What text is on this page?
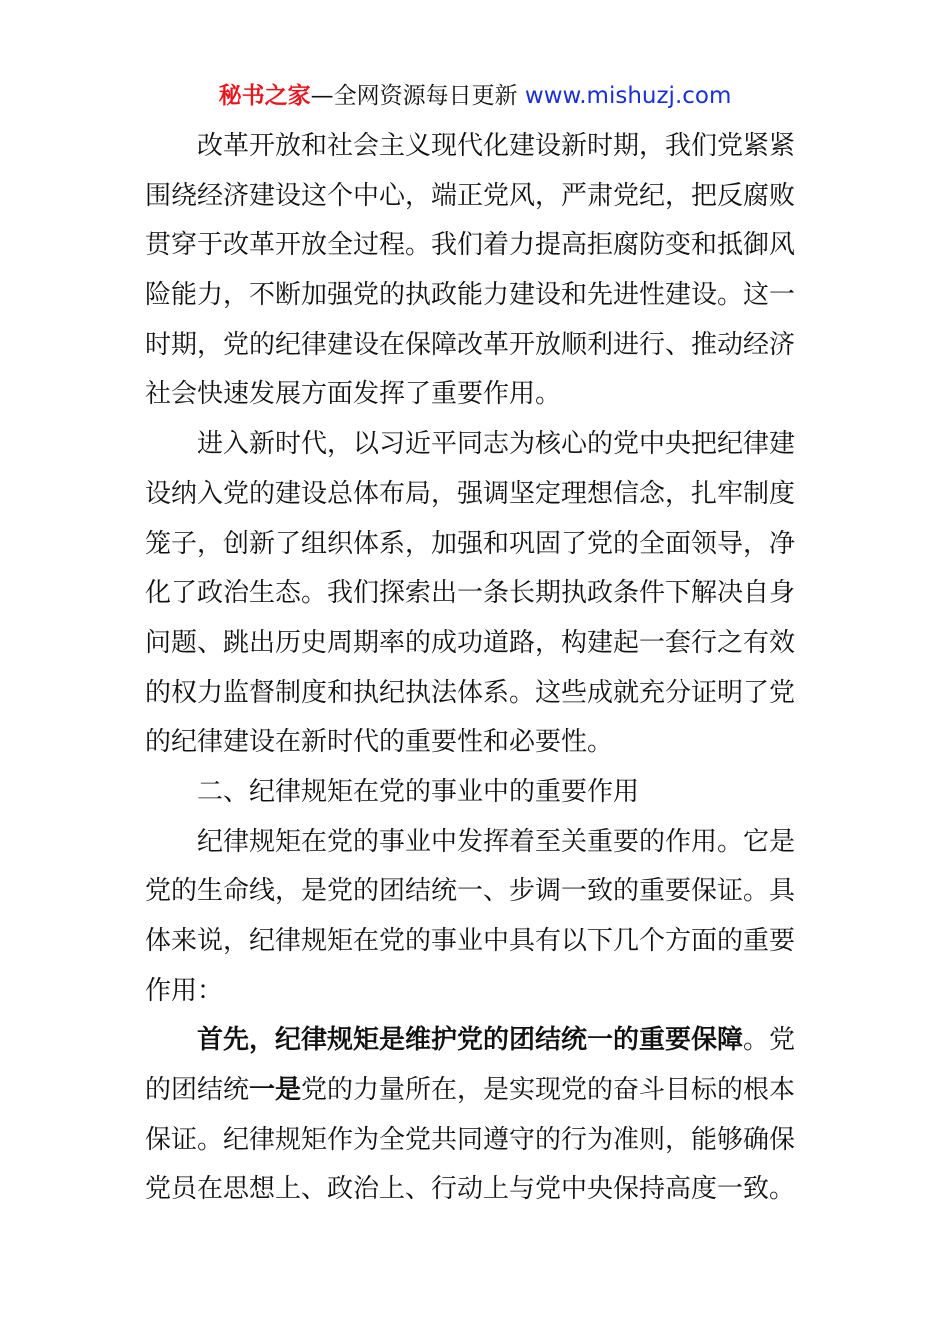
秘书之家—全网资源每日更新 www.mishuzj.com
改革开放和社会主义现代化建设新时期，我们党紧紧
围绕经济建设这个中心，端正党风，严肃党纪，把反腐败
贯穿于改革开放全过程。我们着力提高拒腐防变和抵御风
险能力，不断加强党的执政能力建设和先进性建设。这一
时期，党的纪律建设在保障改革开放顺利进行、推动经济
社会快速发展方面发挥了重要作用。
进入新时代，以习近平同志为核心的党中央把纪律建
设纳入党的建设总体布局，强调坚定理想信念，扎牢制度
笼子，创新了组织体系，加强和巩固了党的全面领导，净
化了政治生态。我们探索出一条长期执政条件下解决自身
问题、跳出历史周期率的成功道路，构建起一套行之有效
的权力监督制度和执纪执法体系。这些成就充分证明了党
的纪律建设在新时代的重要性和必要性。
二、纪律规矩在党的事业中的重要作用
纪律规矩在党的事业中发挥着至关重要的作用。它是
党的生命线，是党的团结统一、步调一致的重要保证。具
体来说，纪律规矩在党的事业中具有以下几个方面的重要
作用：
首先，纪律规矩是维护党的团结统一的重要保障。党
的团结统一是党的力量所在，是实现党的奋斗目标的根本
保证。纪律规矩作为全党共同遵守的行为准则，能够确保
党员在思想上、政治上、行动上与党中央保持高度一致。
